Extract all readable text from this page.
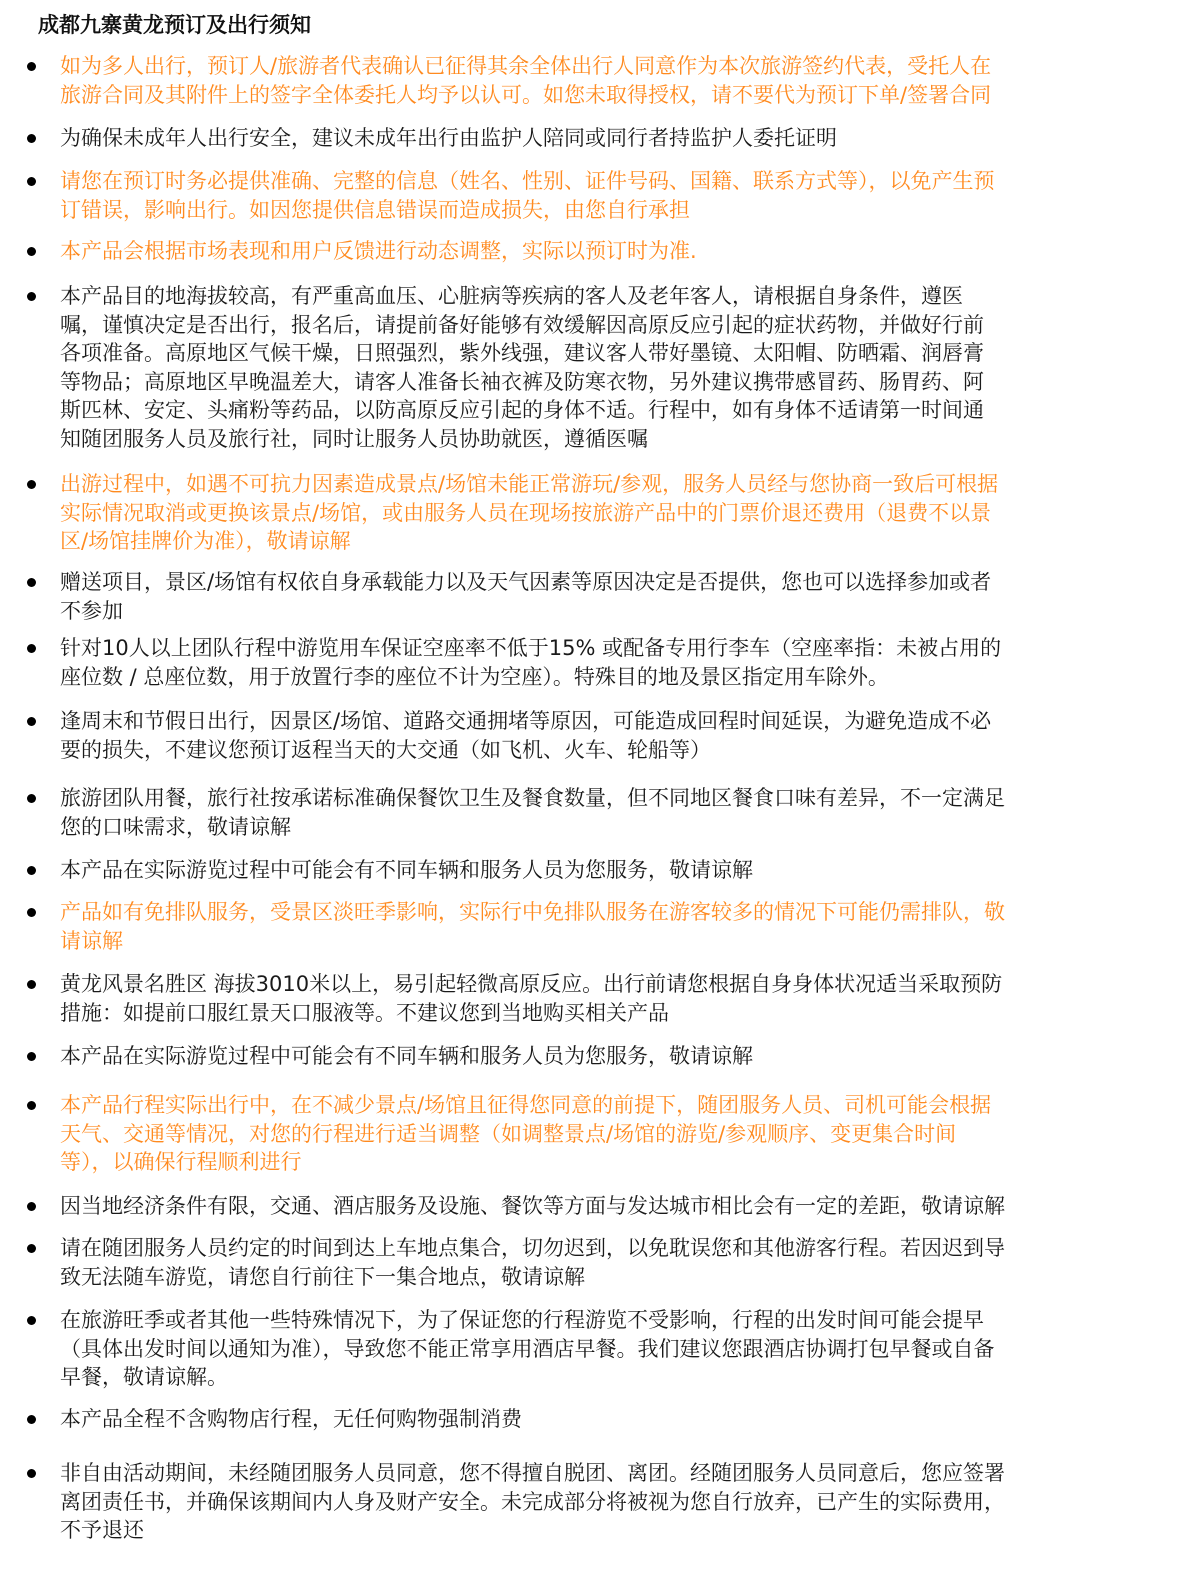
成都九寨黄龙预订及出行须知
如为多人出行，预订人/旅游者代表确认已征得其余全体出行人同意作为本次旅游签约代表，受托人在
旅游合同及其附件上的签字全体委托人均予以认可。如您未取得授权，请不要代为预订下单/签署合同
为确保未成年人出行安全，建议未成年出行由监护人陪同或同行者持监护人委托证明
请您在预订时务必提供准确、完整的信息（姓名、性别、证件号码、国籍、联系方式等），以免产生预
订错误，影响出行。如因您提供信息错误而造成损失，由您自行承担
本产品会根据市场表现和用户反馈进行动态调整，实际以预订时为准.
本产品目的地海拔较高，有严重高血压、心脏病等疾病的客人及老年客人，请根据自身条件，遵医
嘱，谨慎决定是否出行，报名后，请提前备好能够有效缓解因高原反应引起的症状药物，并做好行前
各项准备。高原地区气候干燥，日照强烈，紫外线强，建议客人带好墨镜、太阳帽、防晒霜、润唇膏
等物品；高原地区早晚温差大，请客人准备长袖衣裤及防寒衣物，另外建议携带感冒药、肠胃药、阿
斯匹林、安定、头痛粉等药品，以防高原反应引起的身体不适。行程中，如有身体不适请第一时间通
知随团服务人员及旅行社，同时让服务人员协助就医，遵循医嘱
出游过程中，如遇不可抗力因素造成景点/场馆未能正常游玩/参观，服务人员经与您协商一致后可根据
实际情况取消或更换该景点/场馆，或由服务人员在现场按旅游产品中的门票价退还费用（退费不以景
区/场馆挂牌价为准），敬请谅解
赠送项目，景区/场馆有权依自身承载能力以及天气因素等原因决定是否提供，您也可以选择参加或者
不参加
针对10人以上团队行程中游览用车保证空座率不低于15% 或配备专用行李车（空座率指：未被占用的
座位数 / 总座位数，用于放置行李的座位不计为空座）。特殊目的地及景区指定用车除外。
逢周末和节假日出行，因景区/场馆、道路交通拥堵等原因，可能造成回程时间延误，为避免造成不必
要的损失，不建议您预订返程当天的大交通（如飞机、火车、轮船等）
旅游团队用餐，旅行社按承诺标准确保餐饮卫生及餐食数量，但不同地区餐食口味有差异，不一定满足
您的口味需求，敬请谅解
本产品在实际游览过程中可能会有不同车辆和服务人员为您服务，敬请谅解
产品如有免排队服务，受景区淡旺季影响，实际行中免排队服务在游客较多的情况下可能仍需排队，敬
请谅解
黄龙风景名胜区 海拔3010米以上，易引起轻微高原反应。出行前请您根据自身身体状况适当采取预防
措施：如提前口服红景天口服液等。不建议您到当地购买相关产品
本产品在实际游览过程中可能会有不同车辆和服务人员为您服务，敬请谅解
本产品行程实际出行中，在不减少景点/场馆且征得您同意的前提下，随团服务人员、司机可能会根据
天气、交通等情况，对您的行程进行适当调整（如调整景点/场馆的游览/参观顺序、变更集合时间
等），以确保行程顺利进行
因当地经济条件有限，交通、酒店服务及设施、餐饮等方面与发达城市相比会有一定的差距，敬请谅解
请在随团服务人员约定的时间到达上车地点集合，切勿迟到，以免耽误您和其他游客行程。若因迟到导
致无法随车游览，请您自行前往下一集合地点，敬请谅解
在旅游旺季或者其他一些特殊情况下，为了保证您的行程游览不受影响，行程的出发时间可能会提早
（具体出发时间以通知为准），导致您不能正常享用酒店早餐。我们建议您跟酒店协调打包早餐或自备
早餐，敬请谅解。
本产品全程不含购物店行程，无任何购物强制消费
非自由活动期间，未经随团服务人员同意，您不得擅自脱团、离团。经随团服务人员同意后，您应签署
离团责任书，并确保该期间内人身及财产安全。未完成部分将被视为您自行放弃，已产生的实际费用，
不予退还
